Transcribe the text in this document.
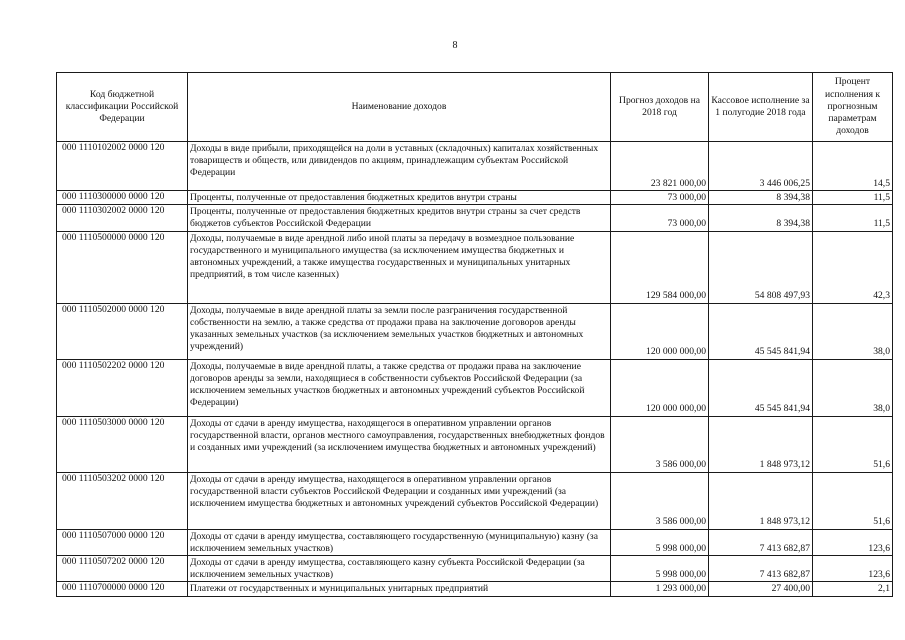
8
Код бюджетной классификации Российской Федерации	Наименование доходов	Прогноз доходов на 2018 год	Кассовое исполнение за 1 полугодие 2018 года	Процент исполнения к прогнозным параметрам доходов
000 1110102002 0000 120	Доходы в виде прибыли, приходящейся на доли в уставных (складочных) капиталах хозяйственных товариществ и обществ, или дивидендов по акциям, принадлежащим субъектам Российской Федерации	23 821 000,00	3 446 006,25	14,5
000 1110300000 0000 120	Проценты, полученные от предоставления бюджетных кредитов внутри страны	73 000,00	8 394,38	11,5
000 1110302002 0000 120	Проценты, полученные от предоставления бюджетных кредитов внутри страны за счет средств бюджетов субъектов Российской Федерации	73 000,00	8 394,38	11,5
000 1110500000 0000 120	Доходы, получаемые в виде арендной либо иной платы за передачу в возмездное пользование государственного и муниципального имущества (за исключением имущества бюджетных и автономных учреждений, а также имущества государственных и муниципальных унитарных предприятий, в том числе казенных)	129 584 000,00	54 808 497,93	42,3
000 1110502000 0000 120	Доходы, получаемые в виде арендной платы за земли после разграничения государственной собственности на землю, а также средства от продажи права на заключение договоров аренды указанных земельных участков (за исключением земельных участков бюджетных и автономных учреждений)	120 000 000,00	45 545 841,94	38,0
000 1110502202 0000 120	Доходы, получаемые в виде арендной платы, а также средства от продажи права на заключение договоров аренды за земли, находящиеся в собственности субъектов Российской Федерации (за исключением земельных участков бюджетных и автономных учреждений субъектов Российской Федерации)	120 000 000,00	45 545 841,94	38,0
000 1110503000 0000 120	Доходы от сдачи в аренду имущества, находящегося в оперативном управлении органов государственной власти, органов местного самоуправления, государственных внебюджетных фондов и созданных ими учреждений (за исключением имущества бюджетных и автономных учреждений)	3 586 000,00	1 848 973,12	51,6
000 1110503202 0000 120	Доходы от сдачи в аренду имущества, находящегося в оперативном управлении органов государственной власти субъектов Российской Федерации и созданных ими учреждений (за исключением имущества бюджетных и автономных учреждений субъектов Российской Федерации)	3 586 000,00	1 848 973,12	51,6
000 1110507000 0000 120	Доходы от сдачи в аренду имущества, составляющего государственную (муниципальную) казну (за исключением земельных участков)	5 998 000,00	7 413 682,87	123,6
000 1110507202 0000 120	Доходы от сдачи в аренду имущества, составляющего казну субъекта Российской Федерации (за исключением земельных участков)	5 998 000,00	7 413 682,87	123,6
000 1110700000 0000 120	Платежи от государственных и муниципальных унитарных предприятий	1 293 000,00	27 400,00	2,1
